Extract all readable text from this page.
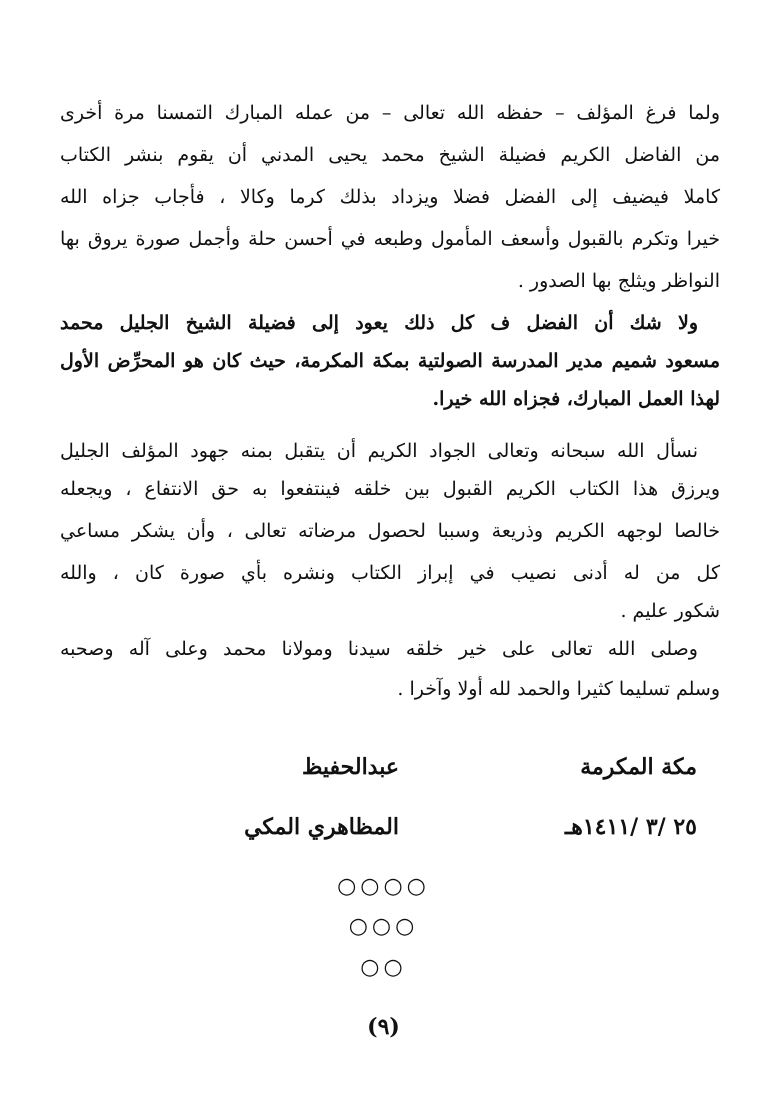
ولما فرغ المؤلف – حفظه الله تعالى – من عمله المبارك التمسنا مرة أخرى
من الفاضل الكريم فضيلة الشيخ محمد يحيى المدني أن يقوم بنشر الكتاب
كاملا فيضيف إلى الفضل فضلا ويزداد بذلك كرما وكالا ، فأجاب جزاه الله
خيرا وتكرم بالقبول وأسعف المأمول وطبعه في أحسن حلة وأجمل صورة يروق بها
النواظر ويثلج بها الصدور .
ولا شك أن الفضل ف كل ذلك يعود إلى فضيلة الشيخ الجليل محمد
مسعود شميم مدير المدرسة الصولتية بمكة المكرمة، حيث كان هو المحرِّض الأول
لهذا العمل المبارك، فجزاه الله خيرا.
نسأل الله سبحانه وتعالى الجواد الكريم أن يتقبل بمنه جهود المؤلف الجليل
ويرزق هذا الكتاب الكريم القبول بين خلقه فينتفعوا به حق الانتفاع ، ويجعله
خالصا لوجهه الكريم وذريعة وسببا لحصول مرضاته تعالى ، وأن يشكر مساعي
كل من له أدنى نصيب في إبراز الكتاب ونشره بأي صورة كان ، والله
شكور عليم .
وصلى الله تعالى على خير خلقه سيدنا ومولانا محمد وعلى آله وصحبه
وسلم تسليما كثيرا والحمد لله أولا وآخرا .
مكة المكرمة
٢٥ /٣ /١٤١١هـ
عبدالحفيظ
المظاهري المكي
○○○○
○○○
○○
(٩)
